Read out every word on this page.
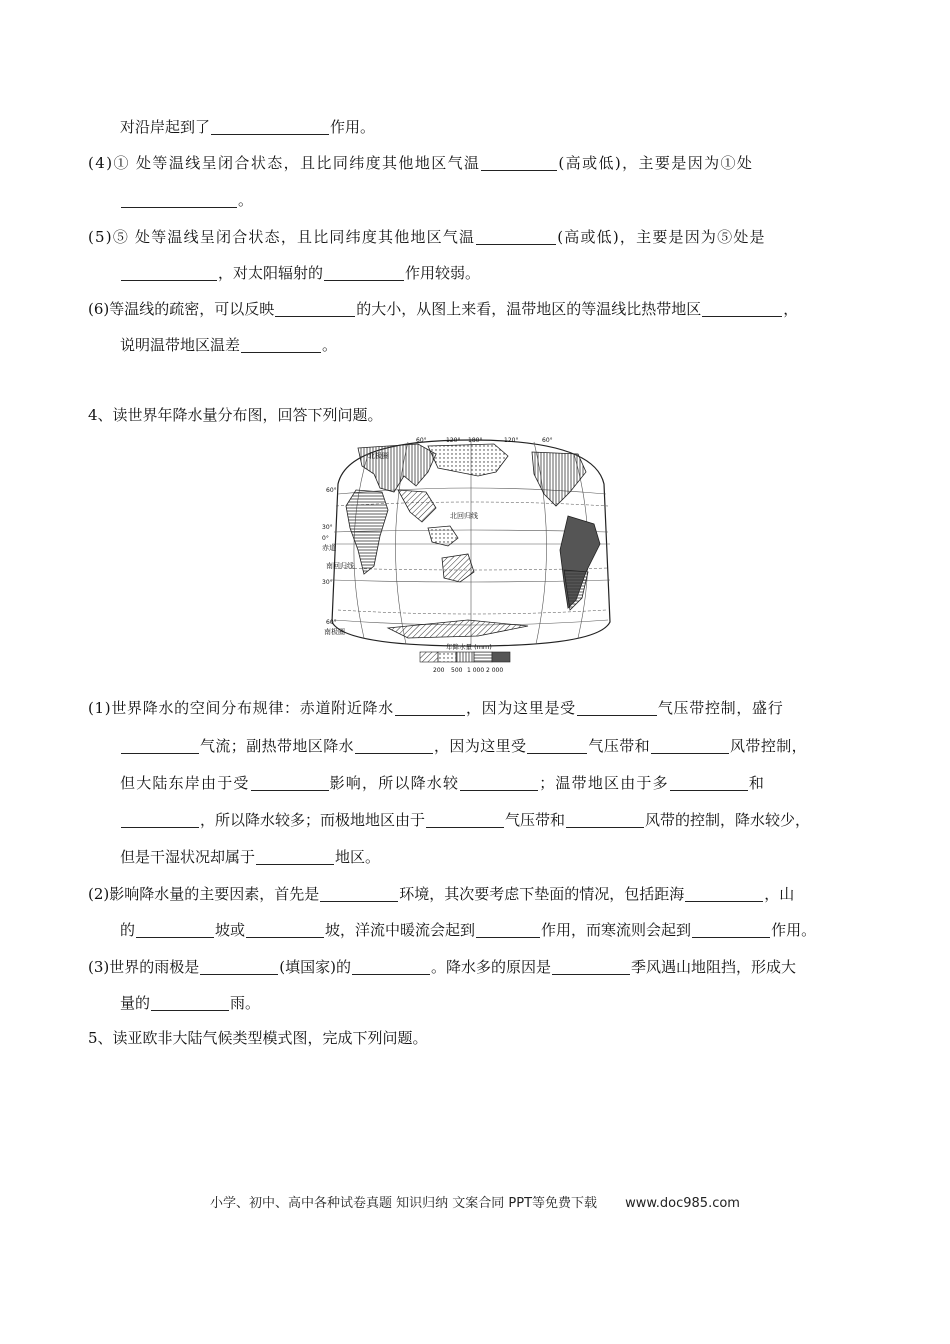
对沿岸起到了	作用。
(4)① 处等温线呈闭合状态，且比同纬度其他地区气温	(高或低)，主要是因为①处
。
(5)⑤ 处等温线呈闭合状态，且比同纬度其他地区气温	(高或低)，主要是因为⑤处是
，对太阳辐射的	作用较弱。
(6)等温线的疏密，可以反映	的大小，从图上来看，温带地区的等温线比热带地区	，
说明温带地区温差	。
4、读世界年降水量分布图，回答下列问题。
60°	120° 180°	120°	60°
60°
30°
0°
30°
60°
北极圈
北回归线
赤道
南回归线
南极圈
年降水量 (mm)
200 500 1 000 2 000
(1)世界降水的空间分布规律：赤道附近降水	，因为这里是受	气压带控制，盛行
气流；副热带地区降水	，因为这里受	气压带和	风带控制，
但大陆东岸由于受	影响，所以降水较	；温带地区由于多	和
，所以降水较多；而极地地区由于	气压带和	风带的控制，降水较少，
但是干湿状况却属于	地区。
(2)影响降水量的主要因素，首先是	环境，其次要考虑下垫面的情况，包括距海	，山
的	坡或	坡，洋流中暖流会起到	作用，而寒流则会起到	作用。
(3)世界的雨极是	(填国家)的	。降水多的原因是	季风遇山地阻挡，形成大
量的	雨。
5、读亚欧非大陆气候类型模式图，完成下列问题。
小学、初中、高中各种试卷真题 知识归纳 文案合同 PPT等免费下载 www.doc985.com
